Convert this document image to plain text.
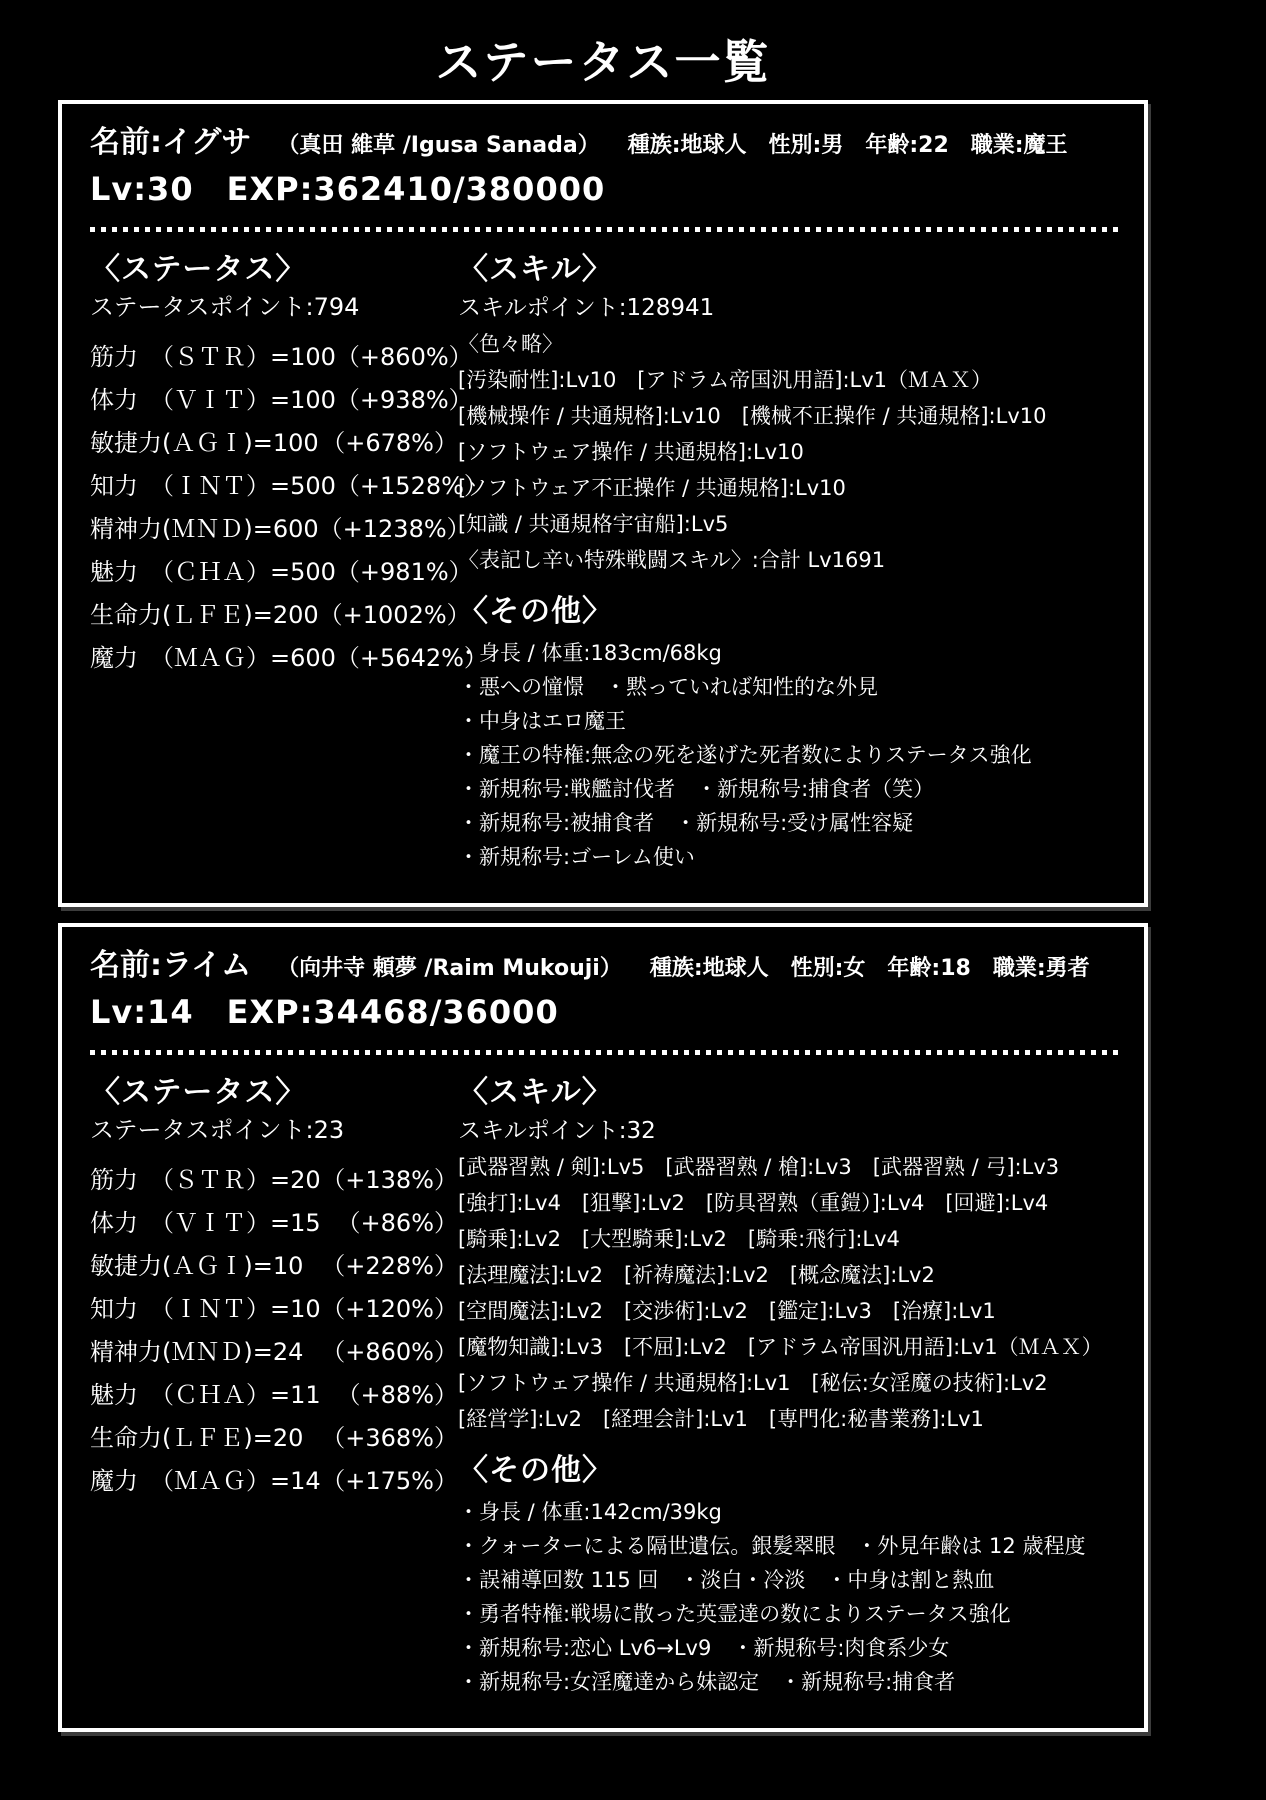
ステータス一覧
名前:イグサ （真田 維草 /Igusa Sanada） 種族:地球人　性別:男　年齢:22　職業:魔王
Lv:30　EXP:362410/380000
〈ステータス〉
ステータスポイント:794
筋力　（ＳＴＲ）=100 （+860%）
体力　（ＶＩＴ）=100 （+938%）
敏捷力(ＡＧＩ)=100 （+678%）
知力　（ＩＮＴ）=500 （+1528%）
精神力(ＭＮＤ)=600 （+1238%）
魅力　（ＣＨＡ）=500 （+981%）
生命力(ＬＦＥ)=200 （+1002%）
魔力　（ＭＡＧ）=600 （+5642%）
〈スキル〉
スキルポイント:128941
〈色々略〉
[汚染耐性]:Lv10　[アドラム帝国汎用語]:Lv1（ＭＡＸ）
[機械操作 / 共通規格]:Lv10　[機械不正操作 / 共通規格]:Lv10
[ソフトウェア操作 / 共通規格]:Lv10
[ソフトウェア不正操作 / 共通規格]:Lv10
[知識 / 共通規格宇宙船]:Lv5
〈表記し辛い特殊戦闘スキル〉:合計 Lv1691
〈その他〉
・身長 / 体重:183cm/68kg
・悪への憧憬　・黙っていれば知性的な外見
・中身はエロ魔王
・魔王の特権:無念の死を遂げた死者数によりステータス強化
・新規称号:戦艦討伐者　・新規称号:捕食者（笑）
・新規称号:被捕食者　・新規称号:受け属性容疑
・新規称号:ゴーレム使い
名前:ライム （向井寺 頼夢 /Raim Mukouji） 種族:地球人　性別:女　年齢:18　職業:勇者
Lv:14　EXP:34468/36000
〈ステータス〉
ステータスポイント:23
筋力　（ＳＴＲ）=20 （+138%）
体力　（ＶＩＴ）=15 （+86%）
敏捷力(ＡＧＩ)=10 （+228%）
知力　（ＩＮＴ）=10 （+120%）
精神力(ＭＮＤ)=24 （+860%）
魅力　（ＣＨＡ）=11 （+88%）
生命力(ＬＦＥ)=20 （+368%）
魔力　（ＭＡＧ）=14 （+175%）
〈スキル〉
スキルポイント:32
[武器習熟 / 剣]:Lv5　[武器習熟 / 槍]:Lv3　[武器習熟 / 弓]:Lv3
[強打]:Lv4　[狙撃]:Lv2　[防具習熟（重鎧）]:Lv4　[回避]:Lv4
[騎乗]:Lv2　[大型騎乗]:Lv2　[騎乗:飛行]:Lv4
[法理魔法]:Lv2　[祈祷魔法]:Lv2　[概念魔法]:Lv2
[空間魔法]:Lv2　[交渉術]:Lv2　[鑑定]:Lv3　[治療]:Lv1
[魔物知識]:Lv3　[不屈]:Lv2　[アドラム帝国汎用語]:Lv1（ＭＡＸ）
[ソフトウェア操作 / 共通規格]:Lv1　[秘伝:女淫魔の技術]:Lv2
[経営学]:Lv2　[経理会計]:Lv1　[専門化:秘書業務]:Lv1
〈その他〉
・身長 / 体重:142cm/39kg
・クォーターによる隔世遺伝。銀髪翠眼　・外見年齢は 12 歳程度
・誤補導回数 115 回　・淡白・冷淡　・中身は割と熱血
・勇者特権:戦場に散った英霊達の数によりステータス強化
・新規称号:恋心 Lv6→Lv9　・新規称号:肉食系少女
・新規称号:女淫魔達から妹認定　・新規称号:捕食者
